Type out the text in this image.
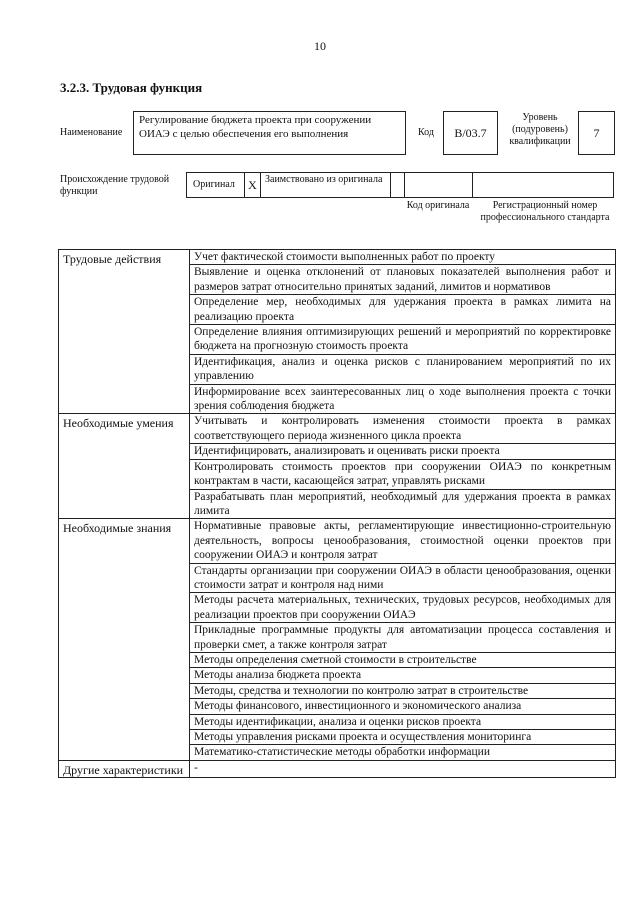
10
3.2.3. Трудовая функция
Наименование
Регулирование бюджета проекта при сооружении ОИАЭ с целью обеспечения его выполнения	Код	B/03.7
Уровень (подуровень) квалификации
7
Происхождение трудовой функции
Оригинал	X Заимствовано из оригинала
Код оригинала	Регистрационный номер профессионального стандарта
Трудовые действия	Учет фактической стоимости выполненных работ по проекту
	Выявление и оценка отклонений от плановых показателей выполнения работ и размеров затрат относительно принятых заданий, лимитов и нормативов
	Определение мер, необходимых для удержания проекта в рамках лимита на реализацию проекта
	Определение влияния оптимизирующих решений и мероприятий по корректировке бюджета на прогнозную стоимость проекта
	Идентификация, анализ и оценка рисков с планированием мероприятий по их управлению
	Информирование всех заинтересованных лиц о ходе выполнения проекта с точки зрения соблюдения бюджета
Необходимые умения	Учитывать и контролировать изменения стоимости проекта в рамках соответствующего периода жизненного цикла проекта
	Идентифицировать, анализировать и оценивать риски проекта
	Контролировать стоимость проектов при сооружении ОИАЭ по конкретным контрактам в части, касающейся затрат, управлять рисками
	Разрабатывать план мероприятий, необходимый для удержания проекта в рамках лимита
Необходимые знания	Нормативные правовые акты, регламентирующие инвестиционно-строительную деятельность, вопросы ценообразования, стоимостной оценки проектов при сооружении ОИАЭ и контроля затрат
	Стандарты организации при сооружении ОИАЭ в области ценообразования, оценки стоимости затрат и контроля над ними
	Методы расчета материальных, технических, трудовых ресурсов, необходимых для реализации проектов при сооружении ОИАЭ
	Прикладные программные продукты для автоматизации процесса составления и проверки смет, а также контроля затрат
	Методы определения сметной стоимости в строительстве
	Методы анализа бюджета проекта
	Методы, средства и технологии по контролю затрат в строительстве
	Методы финансового, инвестиционного и экономического анализа
	Методы идентификации, анализа и оценки рисков проекта
	Методы управления рисками проекта и осуществления мониторинга
	Математико-статистические методы обработки информации
Другие характеристики	-
